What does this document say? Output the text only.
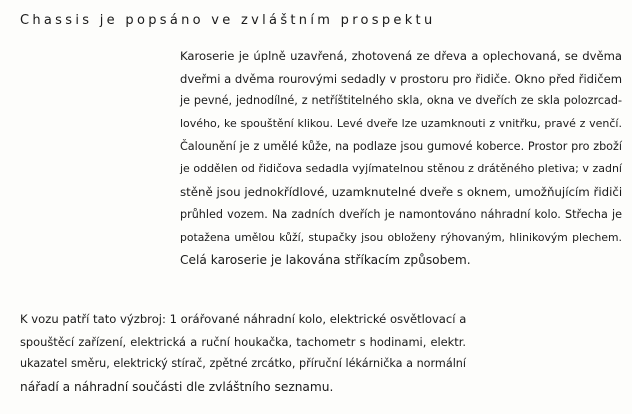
Chassis je popsáno ve zvláštním prospektu
Karoserie je úplně uzavřená, zhotovená ze dřeva a oplechovaná, se dvěma
dveřmi a dvěma rourovými sedadly v prostoru pro řidiče. Okno před řidičem
je pevné, jednodílné, z netříštitelného skla, okna ve dveřích ze skla polozrcad-
lového, ke spouštění klikou. Levé dveře lze uzamknouti z vnitřku, pravé z venčí.
Čalounění je z umělé kůže, na podlaze jsou gumové koberce. Prostor pro zboží
je oddělen od řidičova sedadla vyjímatelnou stěnou z drátěného pletiva; v zadní
stěně jsou jednokřídlové, uzamknutelné dveře s oknem, umožňujícím řidiči
průhled vozem. Na zadních dveřích je namontováno náhradní kolo. Střecha je
potažena umělou kůží, stupačky jsou obloženy rýhovaným, hlinikovým plechem.
Celá karoserie je lakována stříkacím způsobem.
K vozu patří tato výzbroj: 1 orářované náhradní kolo, elektrické osvětlovací a
spouštěcí zařízení, elektrická a ruční houkačka, tachometr s hodinami, elektr.
ukazatel směru, elektrický stírač, zpětné zrcátko, příruční lékárnička a normální
nářadí a náhradní součásti dle zvláštního seznamu.
